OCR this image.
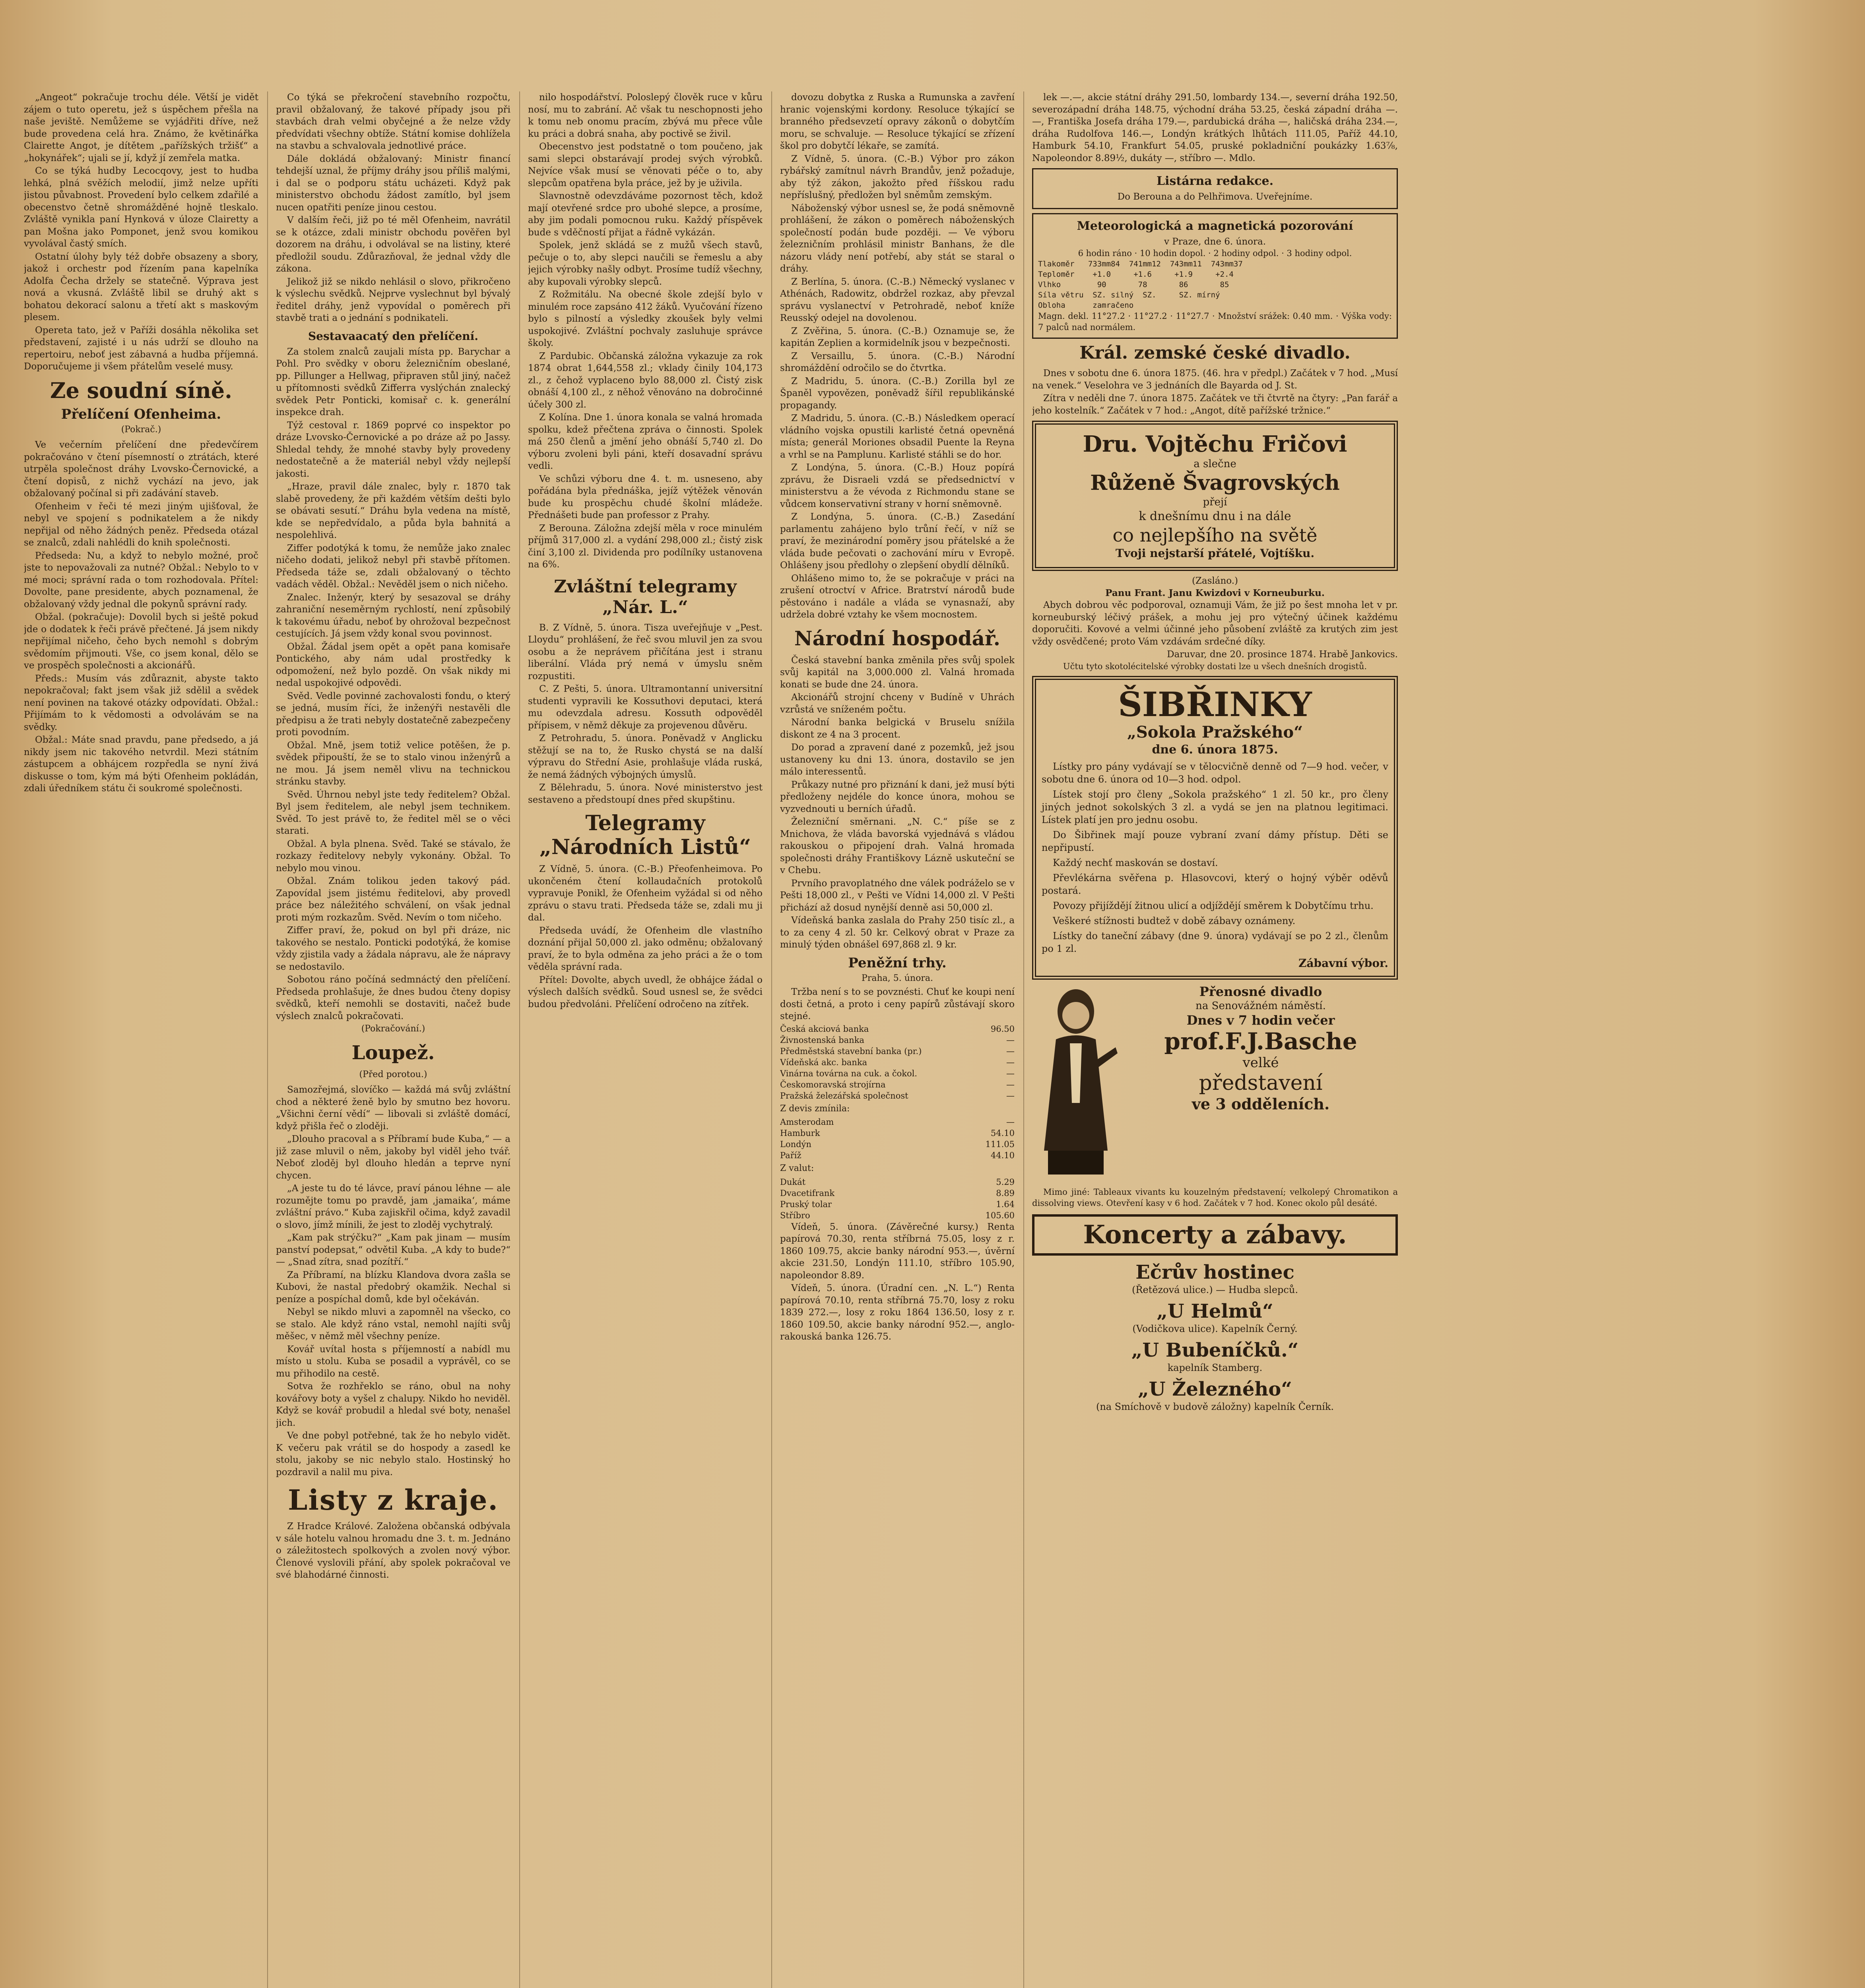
„Angeot“ pokračuje trochu déle. Větší je vidět zájem o tuto operetu, jež s úspěchem přešla na naše jeviště. Nemůžeme se vyjádřiti dříve, než bude provedena celá hra. Známo, že květinářka Clairette Angot, je dítětem „pařížských tržišť“ a „hokynářek“; ujali se jí, když jí zemřela matka.

Co se týká hudby Lecocqovy, jest to hudba lehká, plná svěžích melodií, jimž nelze upříti jistou půvabnost. Provedení bylo celkem zdařilé a obecenstvo četně shromážděné hojně tleskalo. Zvláště vynikla paní Hynková v úloze Clairetty a pan Mošna jako Pomponet, jenž svou komikou vyvolával častý smích.

Ostatní úlohy byly též dobře obsazeny a sbory, jakož i orchestr pod řízením pana kapelníka Adolfa Čecha držely se statečně. Výprava jest nová a vkusná. Zvláště libil se druhý akt s bohatou dekorací salonu a třetí akt s maskovým plesem.

Opereta tato, jež v Paříži dosáhla několika set představení, zajisté i u nás udrží se dlouho na repertoiru, neboť jest zábavná a hudba příjemná. Doporučujeme ji všem přátelům veselé musy.

Ze soudní síně.
Přelíčení Ofenheima.
(Pokrač.)

Ve večerním přelíčení dne předevčírem pokračováno v čtení písemností o ztrátách, které utrpěla společnost dráhy Lvovsko-Černovické, a čtení dopisů, z nichž vychází na jevo, jak obžalovaný počínal si při zadávání staveb.

Ofenheim v řeči té mezi jiným ujišťoval, že nebyl ve spojení s podnikatelem a že nikdy nepřijal od něho žádných peněz. Předseda otázal se znalců, zdali nahlédli do knih společnosti.

Předseda: Nu, a když to nebylo možné, proč jste to nepovažovali za nutné? Obžal.: Nebylo to v mé moci; správní rada o tom rozhodovala. Přítel: Dovolte, pane presidente, abych poznamenal, že obžalovaný vždy jednal dle pokynů správní rady.

Obžal. (pokračuje): Dovolil bych si ještě pokud jde o dodatek k řeči právě přečtené. Já jsem nikdy nepřijímal ničeho, čeho bych nemohl s dobrým svědomím přijmouti. Vše, co jsem konal, dělo se ve prospěch společnosti a akcionářů.

Předs.: Musím vás zdůraznit, abyste takto nepokračoval; fakt jsem však již sdělil a svědek není povinen na takové otázky odpovídati. Obžal.: Přijímám to k vědomosti a odvolávám se na svědky.

Obžal.: Máte snad pravdu, pane předsedo, a já nikdy jsem nic takového netvrdil. Mezi státním zástupcem a obhájcem rozpředla se nyní živá diskusse o tom, kým má býti Ofenheim pokládán, zdali úředníkem státu či soukromé společnosti.

Co týká se překročení stavebního rozpočtu, pravil obžalovaný, že takové případy jsou při stavbách drah velmi obyčejné a že nelze vždy předvídati všechny obtíže. Státní komise dohlížela na stavbu a schvalovala jednotlivé práce.

Dále dokládá obžalovaný: Ministr financí tehdejší uznal, že příjmy dráhy jsou příliš malými, i dal se o podporu státu ucházeti. Když pak ministerstvo obchodu žádost zamítlo, byl jsem nucen opatřiti peníze jinou cestou.

V dalším řeči, již po té měl Ofenheim, navrátil se k otázce, zdali ministr obchodu pověřen byl dozorem na dráhu, i odvolával se na listiny, které předložil soudu. Zdůrazňoval, že jednal vždy dle zákona.

Jelikož již se nikdo nehlásil o slovo, přikročeno k výslechu svědků. Nejprve vyslechnut byl bývalý ředitel dráhy, jenž vypovídal o poměrech při stavbě trati a o jednání s podnikateli.

Sestavaacatý den přelíčení.

Za stolem znalců zaujali místa pp. Barychar a Pohl. Pro svědky v oboru železničním obeslané, pp. Pillunger a Hellwag, připraven stůl jiný, načež u přítomnosti svědků Zifferra vyslýchán znalecký svědek Petr Ponticki, komisař c. k. generální inspekce drah.

Týž cestoval r. 1869 poprvé co inspektor po dráze Lvovsko-Černovické a po dráze až po Jassy. Shledal tehdy, že mnohé stavby byly provedeny nedostatečně a že materiál nebyl vždy nejlepší jakosti.

„Hraze, pravil dále znalec, byly r. 1870 tak slabě provedeny, že při každém větším dešti bylo se obávati sesutí.“ Dráhu byla vedena na místě, kde se nepředvídalo, a půda byla bahnitá a nespolehlivá.

Ziffer podotýká k tomu, že nemůže jako znalec ničeho dodati, jelikož nebyl při stavbě přítomen. Předseda táže se, zdali obžalovaný o těchto vadách věděl. Obžal.: Nevěděl jsem o nich ničeho.

Znalec. Inženýr, který by sesazoval se dráhy zahraniční neseměrným rychlostí, není způsobilý k takovému úřadu, neboť by ohrožoval bezpečnost cestujících. Já jsem vždy konal svou povinnost.

Obžal. Žádal jsem opět a opět pana komisaře Pontického, aby nám udal prostředky k odpomožení, než bylo pozdě. On však nikdy mi nedal uspokojivé odpovědi.

Svěd. Vedle povinné zachovalosti fondu, o který se jedná, musím říci, že inženýři nestavěli dle předpisu a že trati nebyly dostatečně zabezpečeny proti povodním.

Obžal. Mně, jsem totiž velice potěšen, že p. svědek připouští, že se to stalo vinou inženýrů a ne mou. Já jsem neměl vlivu na technickou stránku stavby.

Svěd. Úhrnou nebyl jste tedy ředitelem? Obžal. Byl jsem ředitelem, ale nebyl jsem technikem. Svěd. To jest právě to, že ředitel měl se o věci starati.

Obžal. A byla plnena. Svěd. Také se stávalo, že rozkazy ředitelovy nebyly vykonány. Obžal. To nebylo mou vinou.

Obžal. Znám tolikou jeden takový pád. Zapovídal jsem jistému ředitelovi, aby provedl práce bez náležitého schválení, on však jednal proti mým rozkazům. Svěd. Nevím o tom ničeho.

Ziffer praví, že, pokud on byl při dráze, nic takového se nestalo. Ponticki podotýká, že komise vždy zjistila vady a žádala nápravu, ale že nápravy se nedostavilo.

Sobotou ráno počíná sedmnáctý den přelíčení. Předseda prohlašuje, že dnes budou čteny dopisy svědků, kteří nemohli se dostaviti, načež bude výslech znalců pokračovati.

(Pokračování.)
Loupež.
(Před porotou.)

Samozřejmá, slovíčko — každá má svůj zvláštní chod a některé ženě bylo by smutno bez hovoru. „Všichni černí vědí“ — libovali si zvláště domácí, když přišla řeč o zloději.

„Dlouho pracoval a s Příbramí bude Kuba,“ — a již zase mluvil o něm, jakoby byl viděl jeho tvář. Neboť zloděj byl dlouho hledán a teprve nyní chycen.

„A jeste tu do té lávce, praví pánou léhne — ale rozumějte tomu po pravdě, jam ,jamaika‘, máme zvláštní právo.“ Kuba zajiskřil očima, když zavadil o slovo, jímž mínili, že jest to zloděj vychytralý.

„Kam pak strýčku?“ „Kam pak jinam — musím panství podepsat,“ odvětil Kuba. „A kdy to bude?“ — „Snad zítra, snad pozítří.“

Za Příbramí, na blízku Klandova dvora zašla se Kubovi, že nastal předobrý okamžik. Nechal si peníze a pospíchal domů, kde byl očekáván.

Nebyl se nikdo mluvi a zapomněl na všecko, co se stalo. Ale když ráno vstal, nemohl najíti svůj měšec, v němž měl všechny peníze.

Kovář uvítal hosta s příjemností a nabídl mu místo u stolu. Kuba se posadil a vyprávěl, co se mu přihodilo na cestě.

Sotva že rozhřeklo se ráno, obul na nohy kovářovy boty a vyšel z chalupy. Nikdo ho neviděl. Když se kovář probudil a hledal své boty, nenašel jich.

Ve dne pobyl potřebné, tak že ho nebylo vidět. K večeru pak vrátil se do hospody a zasedl ke stolu, jakoby se nic nebylo stalo. Hostinský ho pozdravil a nalil mu piva.

Listy z kraje.

Z Hradce Králové. Založena občanská odbývala v sále hotelu valnou hromadu dne 3. t. m. Jednáno o záležitostech spolkových a zvolen nový výbor. Členové vyslovili přání, aby spolek pokračoval ve své blahodárné činnosti.

nilo hospodářství. Poloslepý člověk ruce v kůru nosí, mu to zabrání. Ač však tu neschopnosti jeho k tomu neb onomu pracím, zbývá mu přece vůle ku práci a dobrá snaha, aby poctivě se živil.

Obecenstvo jest podstatně o tom poučeno, jak sami slepci obstarávají prodej svých výrobků. Nejvíce však musí se věnovati péče o to, aby slepcům opatřena byla práce, jež by je uživila.

Slavnostně odevzdáváme pozornost těch, kdož mají otevřené srdce pro ubohé slepce, a prosíme, aby jim podali pomocnou ruku. Každý příspěvek bude s vděčností přijat a řádně vykázán.

Spolek, jenž skládá se z mužů všech stavů, pečuje o to, aby slepci naučili se řemeslu a aby jejich výrobky našly odbyt. Prosíme tudíž všechny, aby kupovali výrobky slepců.

Z Rožmitálu. Na obecné škole zdejší bylo v minulém roce zapsáno 412 žáků. Vyučování řízeno bylo s pilností a výsledky zkoušek byly velmi uspokojivé. Zvláštní pochvaly zasluhuje správce školy.

Z Pardubic. Občanská záložna vykazuje za rok 1874 obrat 1,644,558 zl.; vklady činily 104,173 zl., z čehož vyplaceno bylo 88,000 zl. Čistý zisk obnáší 4,100 zl., z něhož věnováno na dobročinné účely 300 zl.

Z Kolína. Dne 1. února konala se valná hromada spolku, kdež přečtena zpráva o činnosti. Spolek má 250 členů a jmění jeho obnáší 5,740 zl. Do výboru zvoleni byli páni, kteří dosavadní správu vedli.

Ve schůzi výboru dne 4. t. m. usneseno, aby pořádána byla přednáška, jejíž výtěžek věnován bude ku prospěchu chudé školní mládeže. Přednášeti bude pan professor z Prahy.

Z Berouna. Záložna zdejší měla v roce minulém příjmů 317,000 zl. a vydání 298,000 zl.; čistý zisk činí 3,100 zl. Dividenda pro podílníky ustanovena na 6%.

Zvláštní telegramy „Nár. L.“

B. Z Vídně, 5. února. Tisza uveřejňuje v „Pest. Lloydu“ prohlášení, že řeč svou mluvil jen za svou osobu a že neprávem přičítána jest i stranu liberální. Vláda prý nemá v úmyslu sněm rozpustiti.

C. Z Pešti, 5. února. Ultramontanní universitní studenti vypravili ke Kossuthovi deputaci, která mu odevzdala adresu. Kossuth odpověděl přípisem, v němž děkuje za projevenou důvěru.

Z Petrohradu, 5. února. Poněvadž v Anglicku stěžují se na to, že Rusko chystá se na další výpravu do Střední Asie, prohlašuje vláda ruská, že nemá žádných výbojných úmyslů.

Z Bělehradu, 5. února. Nové ministerstvo jest sestaveno a předstoupí dnes před skupštinu.

Telegramy „Národních Listů“

Z Vídně, 5. února. (C.-B.) Přeofenheimova. Po ukončeném čtení kollaudačních protokolů vypravuje Ponikl, že Ofenheim vyžádal si od něho zprávu o stavu trati. Předseda táže se, zdali mu ji dal.

Předseda uvádí, že Ofenheim dle vlastního doznání přijal 50,000 zl. jako odměnu; obžalovaný praví, že to byla odměna za jeho práci a že o tom věděla správní rada.

Přítel: Dovolte, abych uvedl, že obhájce žádal o výslech dalších svědků. Soud usnesl se, že svědci budou předvoláni. Přelíčení odročeno na zítřek.

dovozu dobytka z Ruska a Rumunska a zavření hranic vojenskými kordony. Resoluce týkající se branného předsevzetí opravy zákonů o dobytčím moru, se schvaluje. — Resoluce týkající se zřízení škol pro dobytčí lékaře, se zamítá.

Z Vídně, 5. února. (C.-B.) Výbor pro zákon rybářský zamítnul návrh Brandův, jenž požaduje, aby týž zákon, jakožto před říšskou radu nepříslušný, předložen byl sněmům zemským.

Náboženský výbor usnesl se, že podá sněmovně prohlášení, že zákon o poměrech náboženských společností podán bude později. — Ve výboru železničním prohlásil ministr Banhans, že dle názoru vlády není potřebí, aby stát se staral o dráhy.

Z Berlína, 5. února. (C.-B.) Německý vyslanec v Athénách, Radowitz, obdržel rozkaz, aby převzal správu vyslanectví v Petrohradě, neboť kníže Reusský odejel na dovolenou.

Z Zvěřina, 5. února. (C.-B.) Oznamuje se, že kapitán Zeplien a kormidelník jsou v bezpečnosti.

Z Versaillu, 5. února. (C.-B.) Národní shromáždění odročilo se do čtvrtka.

Z Madridu, 5. února. (C.-B.) Zorilla byl ze Španěl vypovězen, poněvadž šířil republikánské propagandy.

Z Madridu, 5. února. (C.-B.) Následkem operací vládního vojska opustili karlisté četná opevněná místa; generál Moriones obsadil Puente la Reyna a vrhl se na Pamplunu. Karlisté stáhli se do hor.

Z Londýna, 5. února. (C.-B.) Houz popírá zprávu, že Disraeli vzdá se předsednictví v ministerstvu a že vévoda z Richmondu stane se vůdcem konservativní strany v horní sněmovně.

Z Londýna, 5. února. (C.-B.) Zasedání parlamentu zahájeno bylo trůní řečí, v níž se praví, že mezinárodní poměry jsou přátelské a že vláda bude pečovati o zachování míru v Evropě. Ohlášeny jsou předlohy o zlepšení obydlí dělníků.

Ohlášeno mimo to, že se pokračuje v práci na zrušení otroctví v Africe. Bratrství národů bude pěstováno i nadále a vláda se vynasnaží, aby udržela dobré vztahy ke všem mocnostem.

Národní hospodář.

Česká stavební banka změnila přes svůj spolek svůj kapitál na 3,000.000 zl. Valná hromada konati se bude dne 24. února.

Akcionářů strojní chceny v Budíně v Uhrách vzrůstá ve sníženém počtu.

Národní banka belgická v Bruselu snížila diskont ze 4 na 3 procent.

Do porad a zpravení dané z pozemků, jež jsou ustanoveny ku dni 13. února, dostavilo se jen málo interessentů.

Průkazy nutné pro přiznání k dani, jež musí býti předloženy nejdéle do konce února, mohou se vyzvednouti u berních úřadů.

Železniční směrnani. „N. C.“ píše se z Mnichova, že vláda bavorská vyjednává s vládou rakouskou o připojení drah. Valná hromada společnosti dráhy Františkovy Lázně uskuteční se v Chebu.

Prvního pravoplatného dne válek podráželo se v Pešti 18,000 zl., v Pešti ve Vídni 14,000 zl. V Pešti přichází až dosud nynější denně asi 50,000 zl.

Vídeňská banka zaslala do Prahy 250 tisíc zl., a to za ceny 4 zl. 50 kr. Celkový obrat v Praze za minulý týden obnášel 697,868 zl. 9 kr.

Peněžní trhy.
Praha, 5. února.

Tržba není s to se povznésti. Chuť ke koupi není dosti četná, a proto i ceny papírů zůstávají skoro stejné.

Česká akciová banka	96.50
Živnostenská banka	—
Předměstská stavební banka (pr.)	—
Vídeňská akc. banka	—
Vinárna továrna na cuk. a čokol.	—
Českomoravská strojírna	—
Pražská železářská společnost	—
Z devis zmínila:
Amsterodam	—
Hamburk	54.10
Londýn	111.05
Paříž	44.10
Z valut:
Dukát	5.29
Dvacetifrank	8.89
Pruský tolar	1.64
Stříbro	105.60

Vídeň, 5. února. (Závěrečné kursy.) Renta papírová 70.30, renta stříbrná 75.05, losy z r. 1860 109.75, akcie banky národní 953.—, úvěrní akcie 231.50, Londýn 111.10, stříbro 105.90, napoleondor 8.89.

Vídeň, 5. února. (Úradní cen. „N. L.“) Renta papírová 70.10, renta stříbrná 75.70, losy z roku 1839 272.—, losy z roku 1864 136.50, losy z r. 1860 109.50, akcie banky národní 952.—, anglo-rakouská banka 126.75.

lek —.—, akcie státní dráhy 291.50, lombardy 134.—, severní dráha 192.50, severozápadní dráha 148.75, východní dráha 53.25, česká západní dráha —.—, Františka Josefa dráha 179.—, pardubická dráha —, haličská dráha 234.—, dráha Rudolfova 146.—, Londýn krátkých lhůtách 111.05, Paříž 44.10, Hamburk 54.10, Frankfurt 54.05, pruské pokladniční poukázky 1.63⅞, Napoleondor 8.89½, dukáty —, stříbro —. Mdlo.

Listárna redakce.
Do Berouna a do Pelhřimova. Uveřejníme.
Meteorologická a magnetická pozorování
v Praze, dne 6. února.
6 hodin ráno · 10 hodin dopol. · 2 hodiny odpol. · 3 hodiny odpol.
Tlakoměr   733mm84  741mm12  743mm11  743mm37
Teploměr    +1.0     +1.6     +1.9     +2.4
Vlhko        90       78       86       85
Síla větru  SZ. silný  SZ.     SZ. mírný
Obloha      zamračeno
Magn. dekl. 11°27.2 · 11°27.2 · 11°27.7 · Množství srážek: 0.40 mm. · Výška vody: 7 palců nad normálem.
Král. zemské české divadlo.

Dnes v sobotu dne 6. února 1875. (46. hra v předpl.) Začátek v 7 hod. „Musí na venek.“ Veselohra ve 3 jednáních dle Bayarda od J. St.

Zítra v neděli dne 7. února 1875. Začátek ve tři čtvrtě na čtyry: „Pan farář a jeho kostelník.“ Začátek v 7 hod.: „Angot, dítě pařížské tržnice.“

Dru. Vojtěchu Fričovi
a slečne
Růženě Švagrovských
přejí
k dnešnímu dnu i na dále
co nejlepšího na světě
Tvoji nejstarší přátelé, Vojtíšku.
(Zasláno.)
Panu Frant. Janu Kwizdovi v Korneuburku.

Abych dobrou věc podporoval, oznamuji Vám, že již po šest mnoha let v pr. korneuburský léčivý prášek, a mohu jej pro výtečný účinek každému doporučiti. Kovové a velmi účinné jeho působení zvláště za krutých zim jest vždy osvědčené; proto Vám vzdávám srdečné díky.

Daruvar, dne 20. prosince 1874. Hrabě Jankovics.
Učtu tyto skotolécitelské výrobky dostati lze u všech dnešních drogistů.
ŠIBŘINKY
„Sokola Pražského“
dne 6. února 1875.

Lístky pro pány vydávají se v tělocvičně denně od 7—9 hod. večer, v sobotu dne 6. února od 10—3 hod. odpol.

Lístek stojí pro členy „Sokola pražského“ 1 zl. 50 kr., pro členy jiných jednot sokolských 3 zl. a vydá se jen na platnou legitimaci. Lístek platí jen pro jednu osobu.

Do Šibřinek mají pouze vybraní zvaní dámy přístup. Děti se nepřipustí.

Každý nechť maskován se dostaví.

Převlékárna svěřena p. Hlasovcovi, který o hojný výběr oděvů postará.

Povozy přijíždějí žitnou ulicí a odjíždějí směrem k Dobytčímu trhu.

Veškeré stížnosti budtež v době zábavy oznámeny.

Lístky do taneční zábavy (dne 9. února) vydávají se po 2 zl., členům po 1 zl.

Zábavní výbor.
Přenosné divadlo
na Senovážném náměstí.
Dnes v 7 hodin večer
prof.F.J.Basche
velké
představení
ve 3 odděleních.

Mimo jiné: Tableaux vivants ku kouzelným představení; velkolepý Chromatikon a dissolving views. Otevření kasy v 6 hod. Začátek v 7 hod. Konec okolo půl desáté.

Koncerty a zábavy.
Ečrův hostinec
(Řetězová ulice.) — Hudba slepců.
„U Helmů“
(Vodičkova ulice). Kapelník Černý.
„U Bubeníčků.“
kapelník Stamberg.
„U Železného“
(na Smíchově v budově záložny) kapelník Černík.
